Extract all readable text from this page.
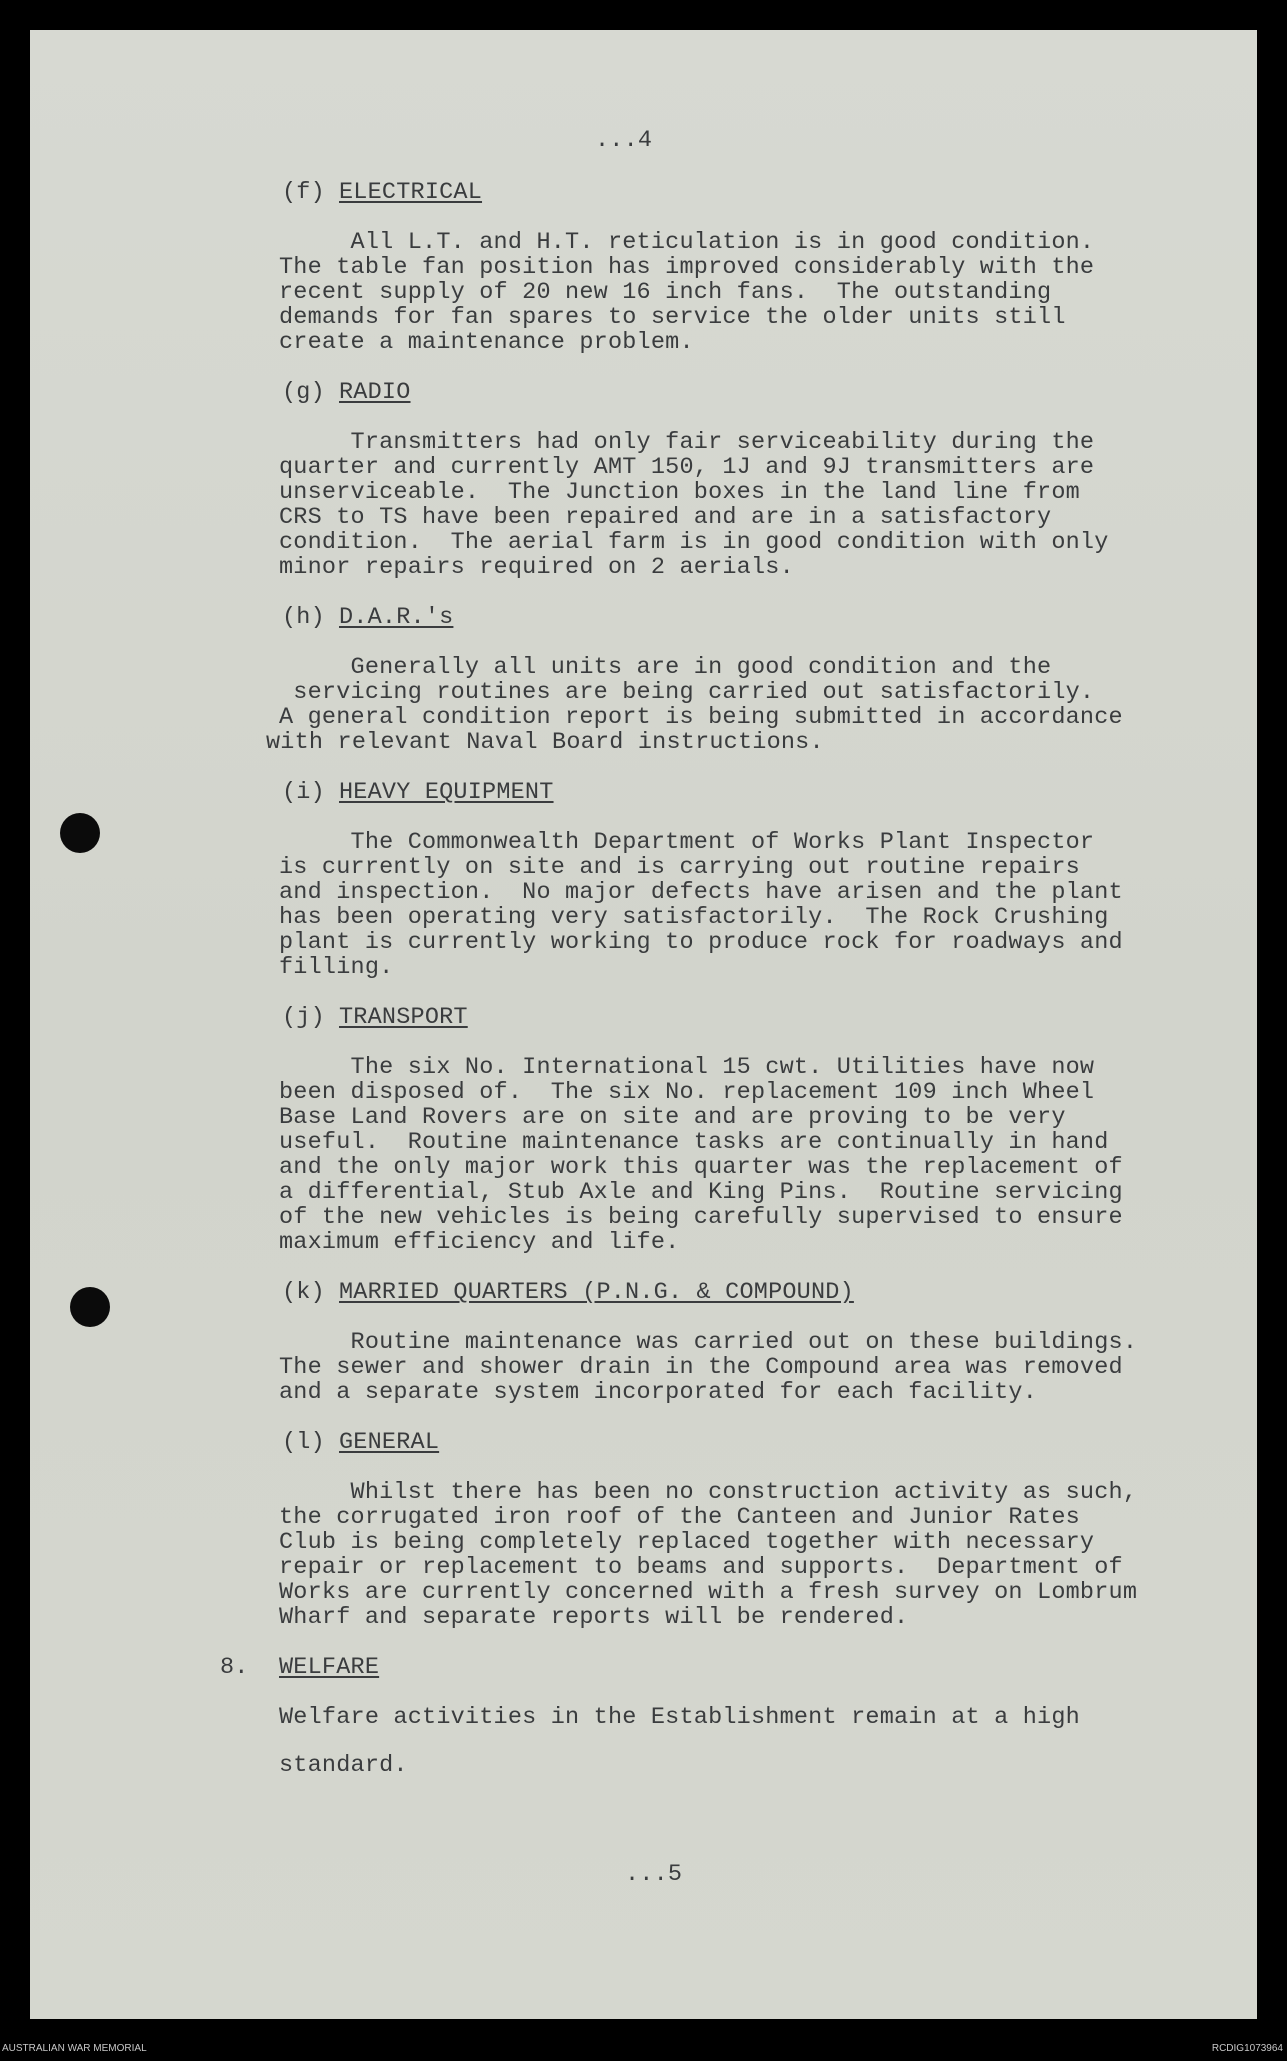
...4
(f) ELECTRICAL
All L.T. and H.T. reticulation is in good condition.
The table fan position has improved considerably with the
recent supply of 20 new 16 inch fans.  The outstanding
demands for fan spares to service the older units still
create a maintenance problem.
(g) RADIO
Transmitters had only fair serviceability during the
quarter and currently AMT 150, 1J and 9J transmitters are
unserviceable.  The Junction boxes in the land line from
CRS to TS have been repaired and are in a satisfactory
condition.  The aerial farm is in good condition with only
minor repairs required on 2 aerials.
(h) D.A.R.'s
Generally all units are in good condition and the
servicing routines are being carried out satisfactorily.
A general condition report is being submitted in accordance
with relevant Naval Board instructions.
(i) HEAVY EQUIPMENT
The Commonwealth Department of Works Plant Inspector
is currently on site and is carrying out routine repairs
and inspection.  No major defects have arisen and the plant
has been operating very satisfactorily.  The Rock Crushing
plant is currently working to produce rock for roadways and
filling.
(j) TRANSPORT
The six No. International 15 cwt. Utilities have now
been disposed of.  The six No. replacement 109 inch Wheel
Base Land Rovers are on site and are proving to be very
useful.  Routine maintenance tasks are continually in hand
and the only major work this quarter was the replacement of
a differential, Stub Axle and King Pins.  Routine servicing
of the new vehicles is being carefully supervised to ensure
maximum efficiency and life.
(k) MARRIED QUARTERS (P.N.G. & COMPOUND)
Routine maintenance was carried out on these buildings.
The sewer and shower drain in the Compound area was removed
and a separate system incorporated for each facility.
(l) GENERAL
Whilst there has been no construction activity as such,
the corrugated iron roof of the Canteen and Junior Rates
Club is being completely replaced together with necessary
repair or replacement to beams and supports.  Department of
Works are currently concerned with a fresh survey on Lombrum
Wharf and separate reports will be rendered.
8. WELFARE
Welfare activities in the Establishment remain at a high
standard.
...5
AUSTRALIAN WAR MEMORIAL	RCDIG1073964
